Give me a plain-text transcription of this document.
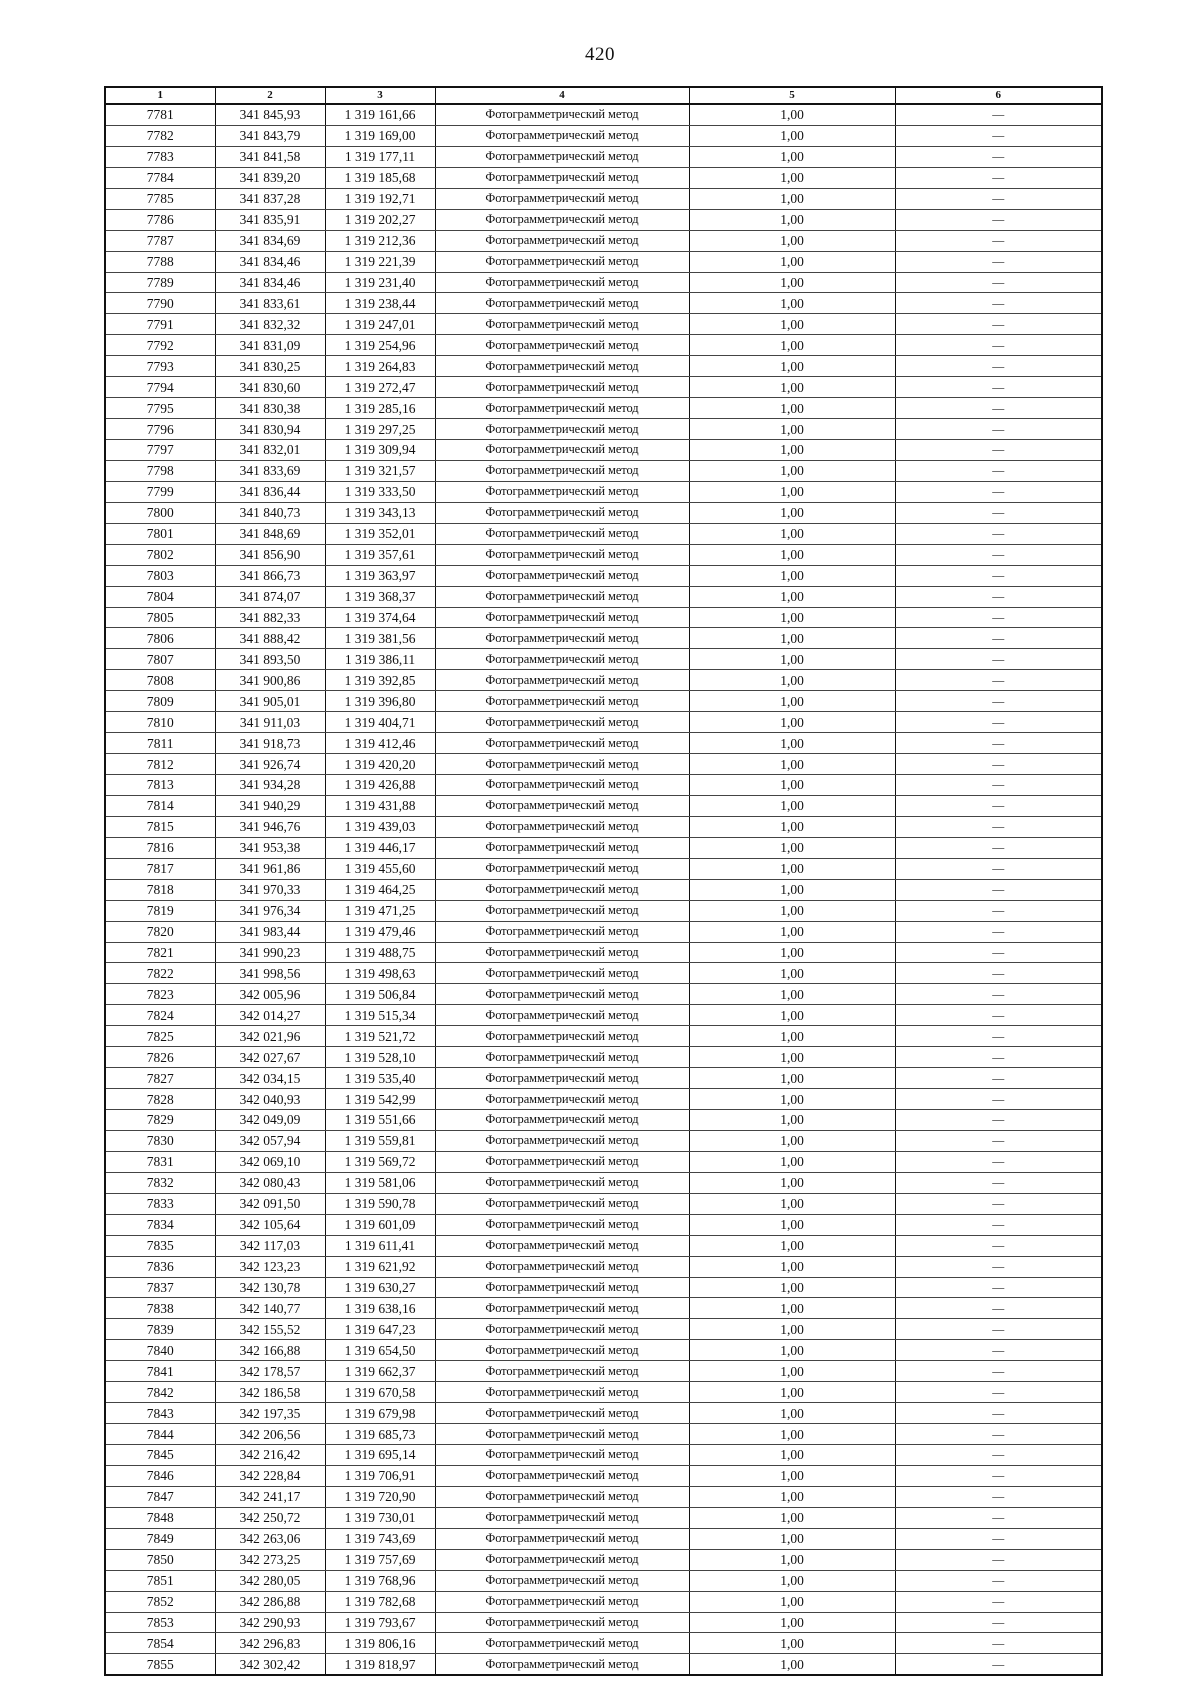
420
1	2	3	4	5	6
7781	341 845,93	1 319 161,66	Фотограмметрический метод	1,00	—
7782	341 843,79	1 319 169,00	Фотограмметрический метод	1,00	—
7783	341 841,58	1 319 177,11	Фотограмметрический метод	1,00	—
7784	341 839,20	1 319 185,68	Фотограмметрический метод	1,00	—
7785	341 837,28	1 319 192,71	Фотограмметрический метод	1,00	—
7786	341 835,91	1 319 202,27	Фотограмметрический метод	1,00	—
7787	341 834,69	1 319 212,36	Фотограмметрический метод	1,00	—
7788	341 834,46	1 319 221,39	Фотограмметрический метод	1,00	—
7789	341 834,46	1 319 231,40	Фотограмметрический метод	1,00	—
7790	341 833,61	1 319 238,44	Фотограмметрический метод	1,00	—
7791	341 832,32	1 319 247,01	Фотограмметрический метод	1,00	—
7792	341 831,09	1 319 254,96	Фотограмметрический метод	1,00	—
7793	341 830,25	1 319 264,83	Фотограмметрический метод	1,00	—
7794	341 830,60	1 319 272,47	Фотограмметрический метод	1,00	—
7795	341 830,38	1 319 285,16	Фотограмметрический метод	1,00	—
7796	341 830,94	1 319 297,25	Фотограмметрический метод	1,00	—
7797	341 832,01	1 319 309,94	Фотограмметрический метод	1,00	—
7798	341 833,69	1 319 321,57	Фотограмметрический метод	1,00	—
7799	341 836,44	1 319 333,50	Фотограмметрический метод	1,00	—
7800	341 840,73	1 319 343,13	Фотограмметрический метод	1,00	—
7801	341 848,69	1 319 352,01	Фотограмметрический метод	1,00	—
7802	341 856,90	1 319 357,61	Фотограмметрический метод	1,00	—
7803	341 866,73	1 319 363,97	Фотограмметрический метод	1,00	—
7804	341 874,07	1 319 368,37	Фотограмметрический метод	1,00	—
7805	341 882,33	1 319 374,64	Фотограмметрический метод	1,00	—
7806	341 888,42	1 319 381,56	Фотограмметрический метод	1,00	—
7807	341 893,50	1 319 386,11	Фотограмметрический метод	1,00	—
7808	341 900,86	1 319 392,85	Фотограмметрический метод	1,00	—
7809	341 905,01	1 319 396,80	Фотограмметрический метод	1,00	—
7810	341 911,03	1 319 404,71	Фотограмметрический метод	1,00	—
7811	341 918,73	1 319 412,46	Фотограмметрический метод	1,00	—
7812	341 926,74	1 319 420,20	Фотограмметрический метод	1,00	—
7813	341 934,28	1 319 426,88	Фотограмметрический метод	1,00	—
7814	341 940,29	1 319 431,88	Фотограмметрический метод	1,00	—
7815	341 946,76	1 319 439,03	Фотограмметрический метод	1,00	—
7816	341 953,38	1 319 446,17	Фотограмметрический метод	1,00	—
7817	341 961,86	1 319 455,60	Фотограмметрический метод	1,00	—
7818	341 970,33	1 319 464,25	Фотограмметрический метод	1,00	—
7819	341 976,34	1 319 471,25	Фотограмметрический метод	1,00	—
7820	341 983,44	1 319 479,46	Фотограмметрический метод	1,00	—
7821	341 990,23	1 319 488,75	Фотограмметрический метод	1,00	—
7822	341 998,56	1 319 498,63	Фотограмметрический метод	1,00	—
7823	342 005,96	1 319 506,84	Фотограмметрический метод	1,00	—
7824	342 014,27	1 319 515,34	Фотограмметрический метод	1,00	—
7825	342 021,96	1 319 521,72	Фотограмметрический метод	1,00	—
7826	342 027,67	1 319 528,10	Фотограмметрический метод	1,00	—
7827	342 034,15	1 319 535,40	Фотограмметрический метод	1,00	—
7828	342 040,93	1 319 542,99	Фотограмметрический метод	1,00	—
7829	342 049,09	1 319 551,66	Фотограмметрический метод	1,00	—
7830	342 057,94	1 319 559,81	Фотограмметрический метод	1,00	—
7831	342 069,10	1 319 569,72	Фотограмметрический метод	1,00	—
7832	342 080,43	1 319 581,06	Фотограмметрический метод	1,00	—
7833	342 091,50	1 319 590,78	Фотограмметрический метод	1,00	—
7834	342 105,64	1 319 601,09	Фотограмметрический метод	1,00	—
7835	342 117,03	1 319 611,41	Фотограмметрический метод	1,00	—
7836	342 123,23	1 319 621,92	Фотограмметрический метод	1,00	—
7837	342 130,78	1 319 630,27	Фотограмметрический метод	1,00	—
7838	342 140,77	1 319 638,16	Фотограмметрический метод	1,00	—
7839	342 155,52	1 319 647,23	Фотограмметрический метод	1,00	—
7840	342 166,88	1 319 654,50	Фотограмметрический метод	1,00	—
7841	342 178,57	1 319 662,37	Фотограмметрический метод	1,00	—
7842	342 186,58	1 319 670,58	Фотограмметрический метод	1,00	—
7843	342 197,35	1 319 679,98	Фотограмметрический метод	1,00	—
7844	342 206,56	1 319 685,73	Фотограмметрический метод	1,00	—
7845	342 216,42	1 319 695,14	Фотограмметрический метод	1,00	—
7846	342 228,84	1 319 706,91	Фотограмметрический метод	1,00	—
7847	342 241,17	1 319 720,90	Фотограмметрический метод	1,00	—
7848	342 250,72	1 319 730,01	Фотограмметрический метод	1,00	—
7849	342 263,06	1 319 743,69	Фотограмметрический метод	1,00	—
7850	342 273,25	1 319 757,69	Фотограмметрический метод	1,00	—
7851	342 280,05	1 319 768,96	Фотограмметрический метод	1,00	—
7852	342 286,88	1 319 782,68	Фотограмметрический метод	1,00	—
7853	342 290,93	1 319 793,67	Фотограмметрический метод	1,00	—
7854	342 296,83	1 319 806,16	Фотограмметрический метод	1,00	—
7855	342 302,42	1 319 818,97	Фотограмметрический метод	1,00	—
